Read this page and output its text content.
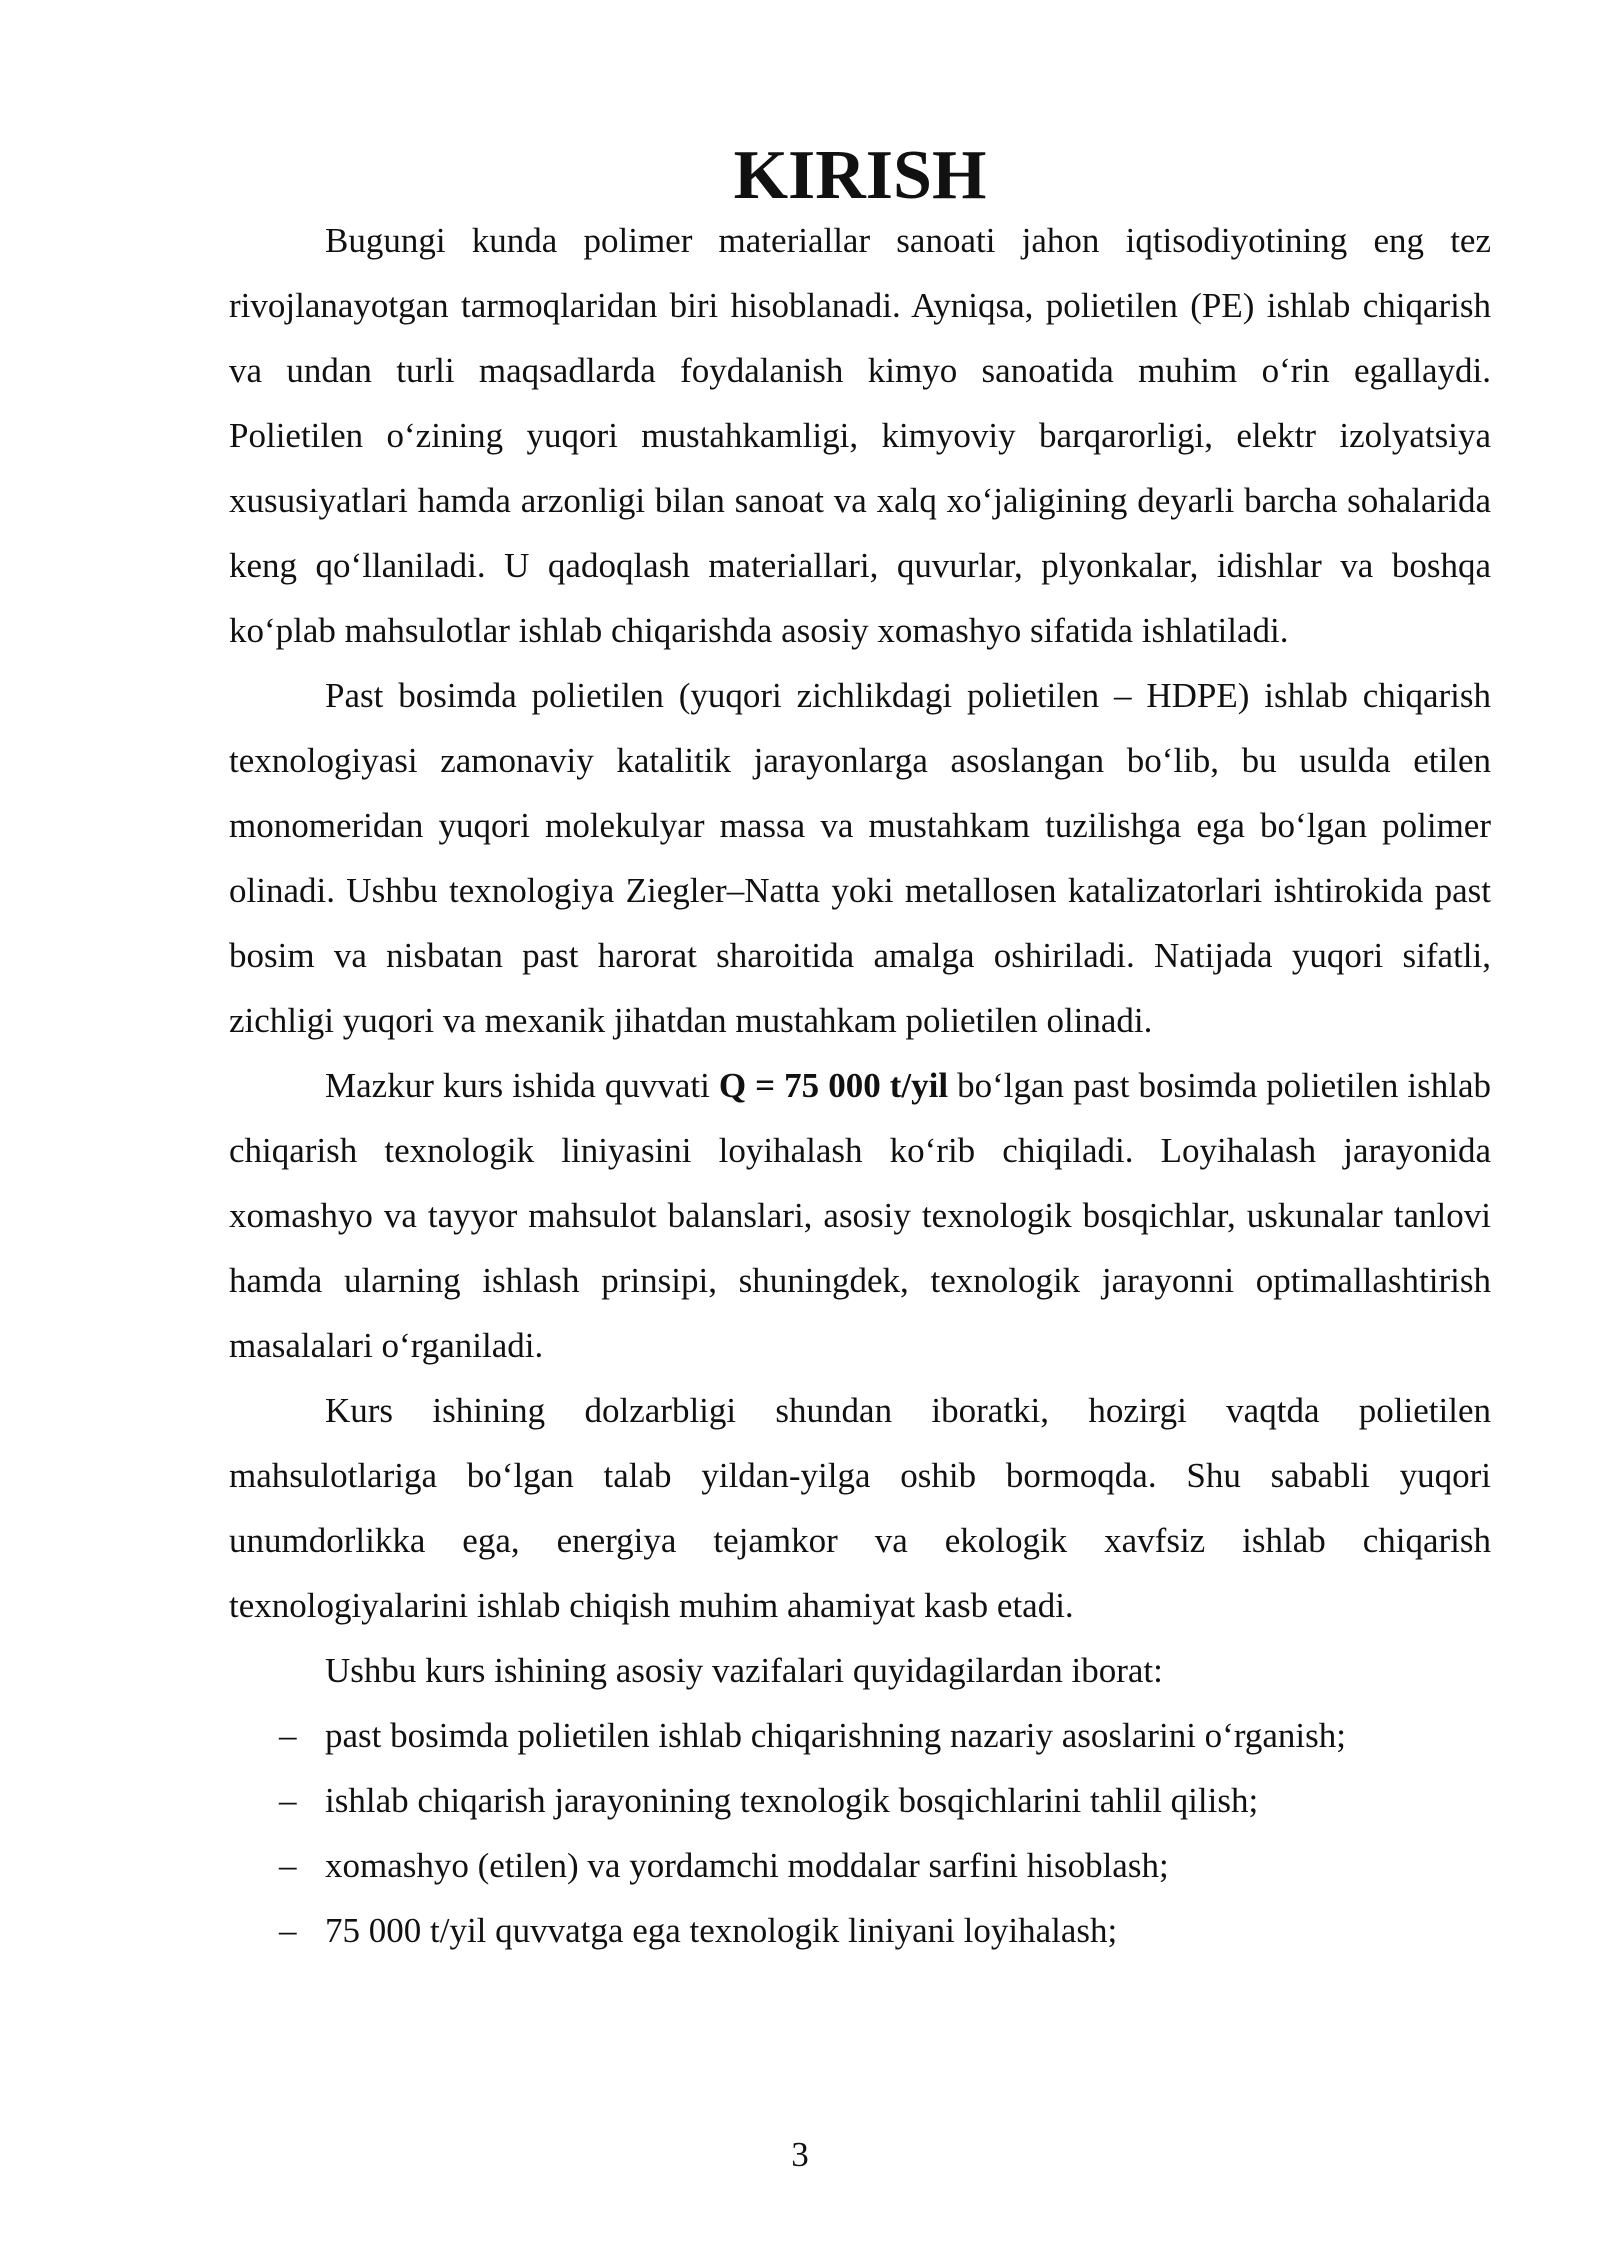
KIRISH

Bugungi kunda polimer materiallar sanoati jahon iqtisodiyotining eng tez rivojlanayotgan tarmoqlaridan biri hisoblanadi. Ayniqsa, polietilen (PE) ishlab chiqarish va undan turli maqsadlarda foydalanish kimyo sanoatida muhim o‘rin egallaydi. Polietilen o‘zining yuqori mustahkamligi, kimyoviy barqarorligi, elektr izolyatsiya xususiyatlari hamda arzonligi bilan sanoat va xalq xo‘jaligining deyarli barcha sohalarida keng qo‘llaniladi. U qadoqlash materiallari, quvurlar, plyonkalar, idishlar va boshqa ko‘plab mahsulotlar ishlab chiqarishda asosiy xomashyo sifatida ishlatiladi.

Past bosimda polietilen (yuqori zichlikdagi polietilen – HDPE) ishlab chiqarish texnologiyasi zamonaviy katalitik jarayonlarga asoslangan bo‘lib, bu usulda etilen monomeridan yuqori molekulyar massa va mustahkam tuzilishga ega bo‘lgan polimer olinadi. Ushbu texnologiya Ziegler–Natta yoki metallosen katalizatorlari ishtirokida past bosim va nisbatan past harorat sharoitida amalga oshiriladi. Natijada yuqori sifatli, zichligi yuqori va mexanik jihatdan mustahkam polietilen olinadi.

Mazkur kurs ishida quvvati Q = 75 000 t/yil bo‘lgan past bosimda polietilen ishlab chiqarish texnologik liniyasini loyihalash ko‘rib chiqiladi. Loyihalash jarayonida xomashyo va tayyor mahsulot balanslari, asosiy texnologik bosqichlar, uskunalar tanlovi hamda ularning ishlash prinsipi, shuningdek, texnologik jarayonni optimallashtirish masalalari o‘rganiladi.

Kurs ishining dolzarbligi shundan iboratki, hozirgi vaqtda polietilen mahsulotlariga bo‘lgan talab yildan-yilga oshib bormoqda. Shu sababli yuqori unumdorlikka ega, energiya tejamkor va ekologik xavfsiz ishlab chiqarish texnologiyalarini ishlab chiqish muhim ahamiyat kasb etadi.

Ushbu kurs ishining asosiy vazifalari quyidagilardan iborat:

– past bosimda polietilen ishlab chiqarishning nazariy asoslarini o‘rganish;
– ishlab chiqarish jarayonining texnologik bosqichlarini tahlil qilish;
– xomashyo (etilen) va yordamchi moddalar sarfini hisoblash;
– 75 000 t/yil quvvatga ega texnologik liniyani loyihalash;
3
